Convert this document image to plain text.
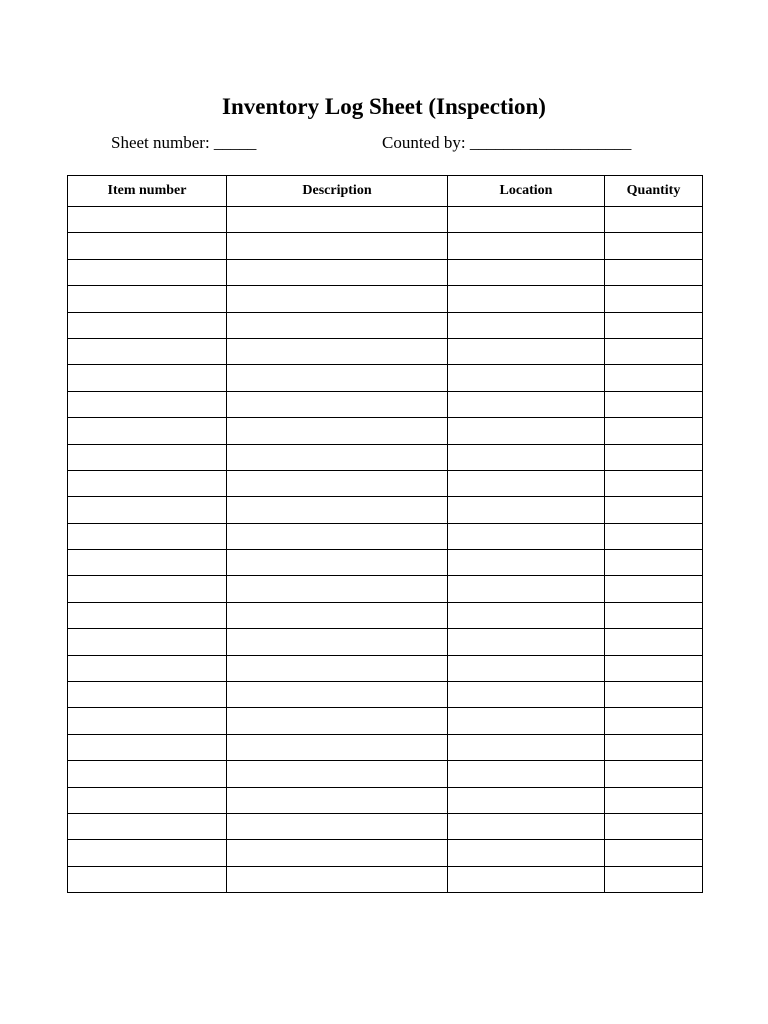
Inventory Log Sheet (Inspection)
Sheet number: _____	Counted by: ___________________
Item number	Description	Location	Quantity
